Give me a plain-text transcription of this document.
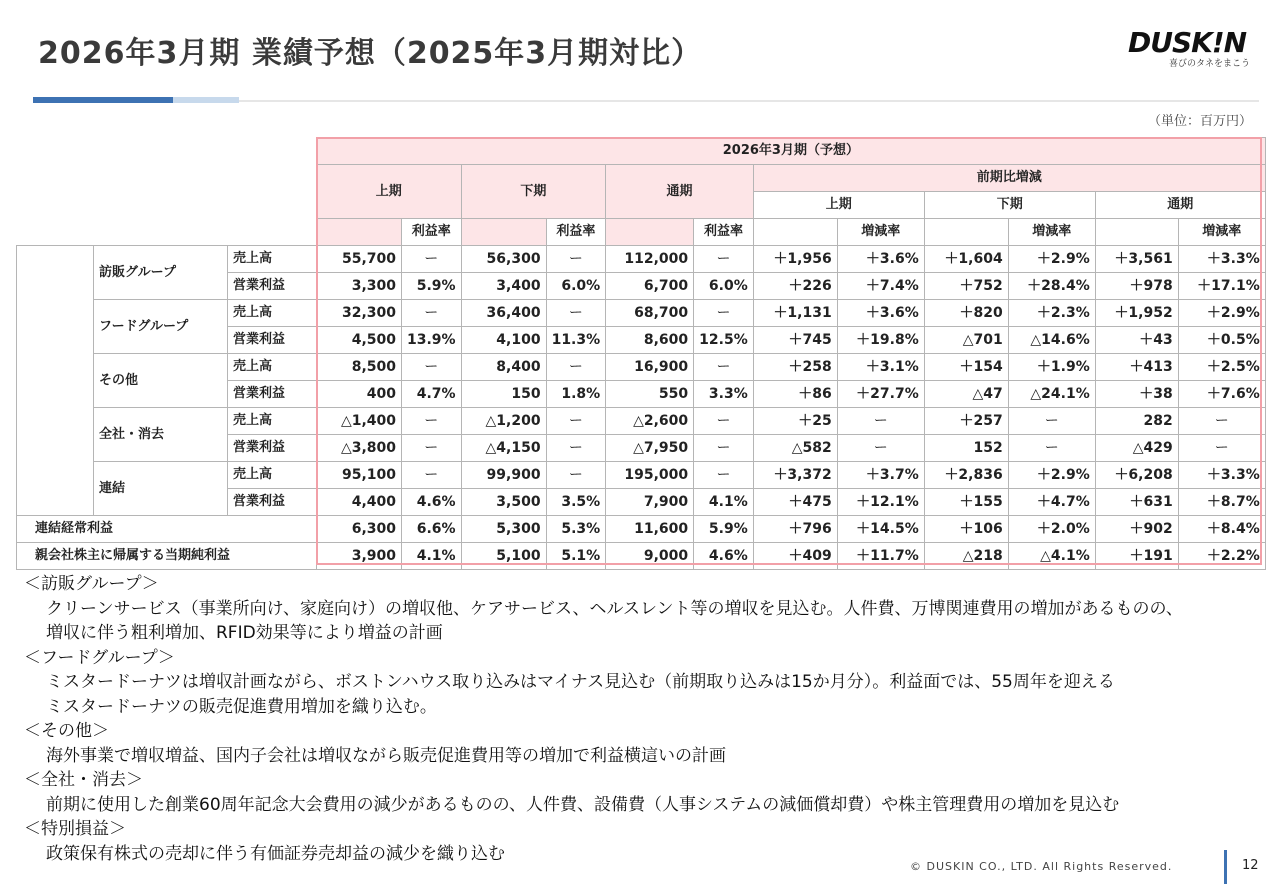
2026年3月期 業績予想（2025年3月期対比）	DUSK!N
喜びのタネをまこう
（単位：百万円）
			2026年3月期（予想）											
			上期		下期		通期		前期比増減					
									上期		下期		通期	
				利益率		利益率		利益率		増減率		増減率		増減率
	訪販グループ	売上高	55,700	ー	56,300	ー	112,000	ー	＋1,956	＋3.6%	＋1,604	＋2.9%	＋3,561	＋3.3%
		営業利益	3,300	5.9%	3,400	6.0%	6,700	6.0%	＋226	＋7.4%	＋752	＋28.4%	＋978	＋17.1%
	フードグループ	売上高	32,300	ー	36,400	ー	68,700	ー	＋1,131	＋3.6%	＋820	＋2.3%	＋1,952	＋2.9%
		営業利益	4,500	13.9%	4,100	11.3%	8,600	12.5%	＋745	＋19.8%	△701	△14.6%	＋43	＋0.5%
	その他	売上高	8,500	ー	8,400	ー	16,900	ー	＋258	＋3.1%	＋154	＋1.9%	＋413	＋2.5%
		営業利益	400	4.7%	150	1.8%	550	3.3%	＋86	＋27.7%	△47	△24.1%	＋38	＋7.6%
	全社・消去	売上高	△1,400	ー	△1,200	ー	△2,600	ー	＋25	ー	＋257	ー	282	ー
		営業利益	△3,800	ー	△4,150	ー	△7,950	ー	△582	ー	152	ー	△429	ー
	連結	売上高	95,100	ー	99,900	ー	195,000	ー	＋3,372	＋3.7%	＋2,836	＋2.9%	＋6,208	＋3.3%
		営業利益	4,400	4.6%	3,500	3.5%	7,900	4.1%	＋475	＋12.1%	＋155	＋4.7%	＋631	＋8.7%
連結経常利益			6,300	6.6%	5,300	5.3%	11,600	5.9%	＋796	＋14.5%	＋106	＋2.0%	＋902	＋8.4%
親会社株主に帰属する当期純利益			3,900	4.1%	5,100	5.1%	9,000	4.6%	＋409	＋11.7%	△218	△4.1%	＋191	＋2.2%
＜訪販グループ＞
クリーンサービス（事業所向け、家庭向け）の増収他、ケアサービス、ヘルスレント等の増収を見込む。人件費、万博関連費用の増加があるものの、
増収に伴う粗利増加、RFID効果等により増益の計画
＜フードグループ＞
ミスタードーナツは増収計画ながら、ボストンハウス取り込みはマイナス見込む（前期取り込みは15か月分）。利益面では、55周年を迎える
ミスタードーナツの販売促進費用増加を織り込む。
＜その他＞
海外事業で増収増益、国内子会社は増収ながら販売促進費用等の増加で利益横這いの計画
＜全社・消去＞
前期に使用した創業60周年記念大会費用の減少があるものの、人件費、設備費（人事システムの減価償却費）や株主管理費用の増加を見込む
＜特別損益＞
政策保有株式の売却に伴う有価証券売却益の減少を織り込む
© DUSKIN CO., LTD. All Rights Reserved.	12
